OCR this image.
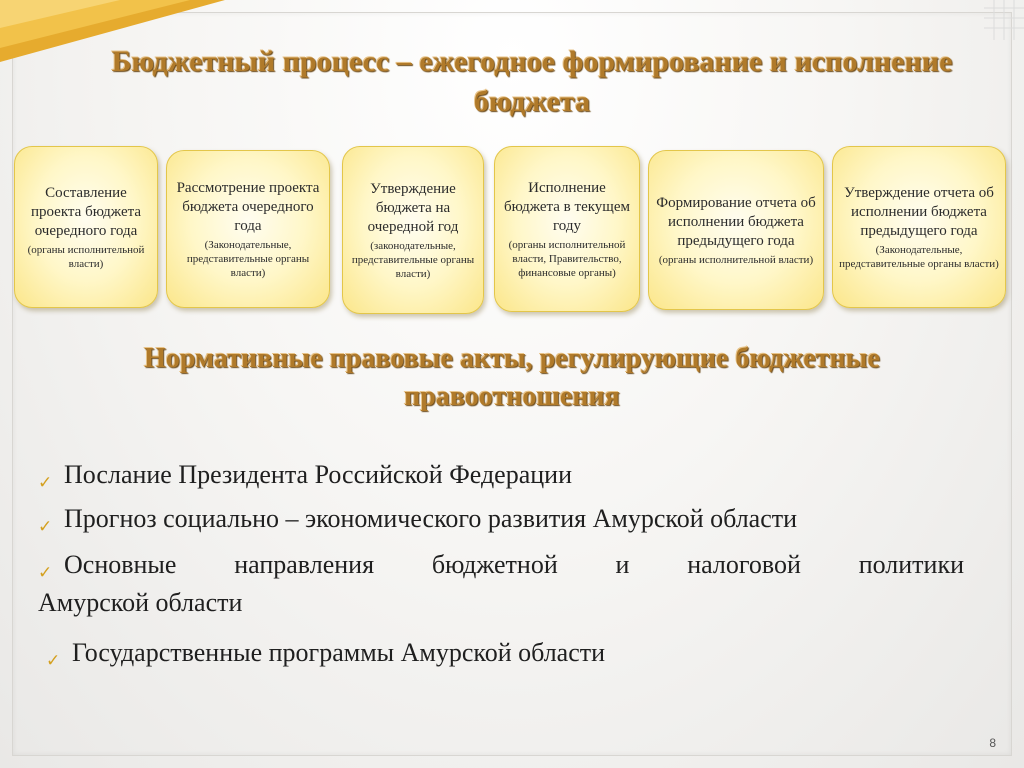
Бюджетный процесс – ежегодное формирование и исполнение бюджета
Составление проекта бюджета очередного года
(органы исполнительной власти)
Рассмотрение проекта бюджета очередного года
(Законодательные, представительные органы власти)
Утверждение бюджета на очередной год
(законодательные, представительные органы власти)
Исполнение бюджета в текущем году
(органы исполнительной власти, Правительство, финансовые органы)
Формирование отчета об исполнении бюджета предыдущего года
(органы исполнительной власти)
Утверждение отчета об исполнении бюджета предыдущего года
(Законодательные, представительные органы власти)
Нормативные правовые акты, регулирующие бюджетные правоотношения
✓ Послание Президента Российской Федерации
✓ Прогноз социально – экономического развития Амурской области
✓ Основные направления бюджетной и налоговой политики
Амурской области
✓ Государственные программы Амурской области
8
